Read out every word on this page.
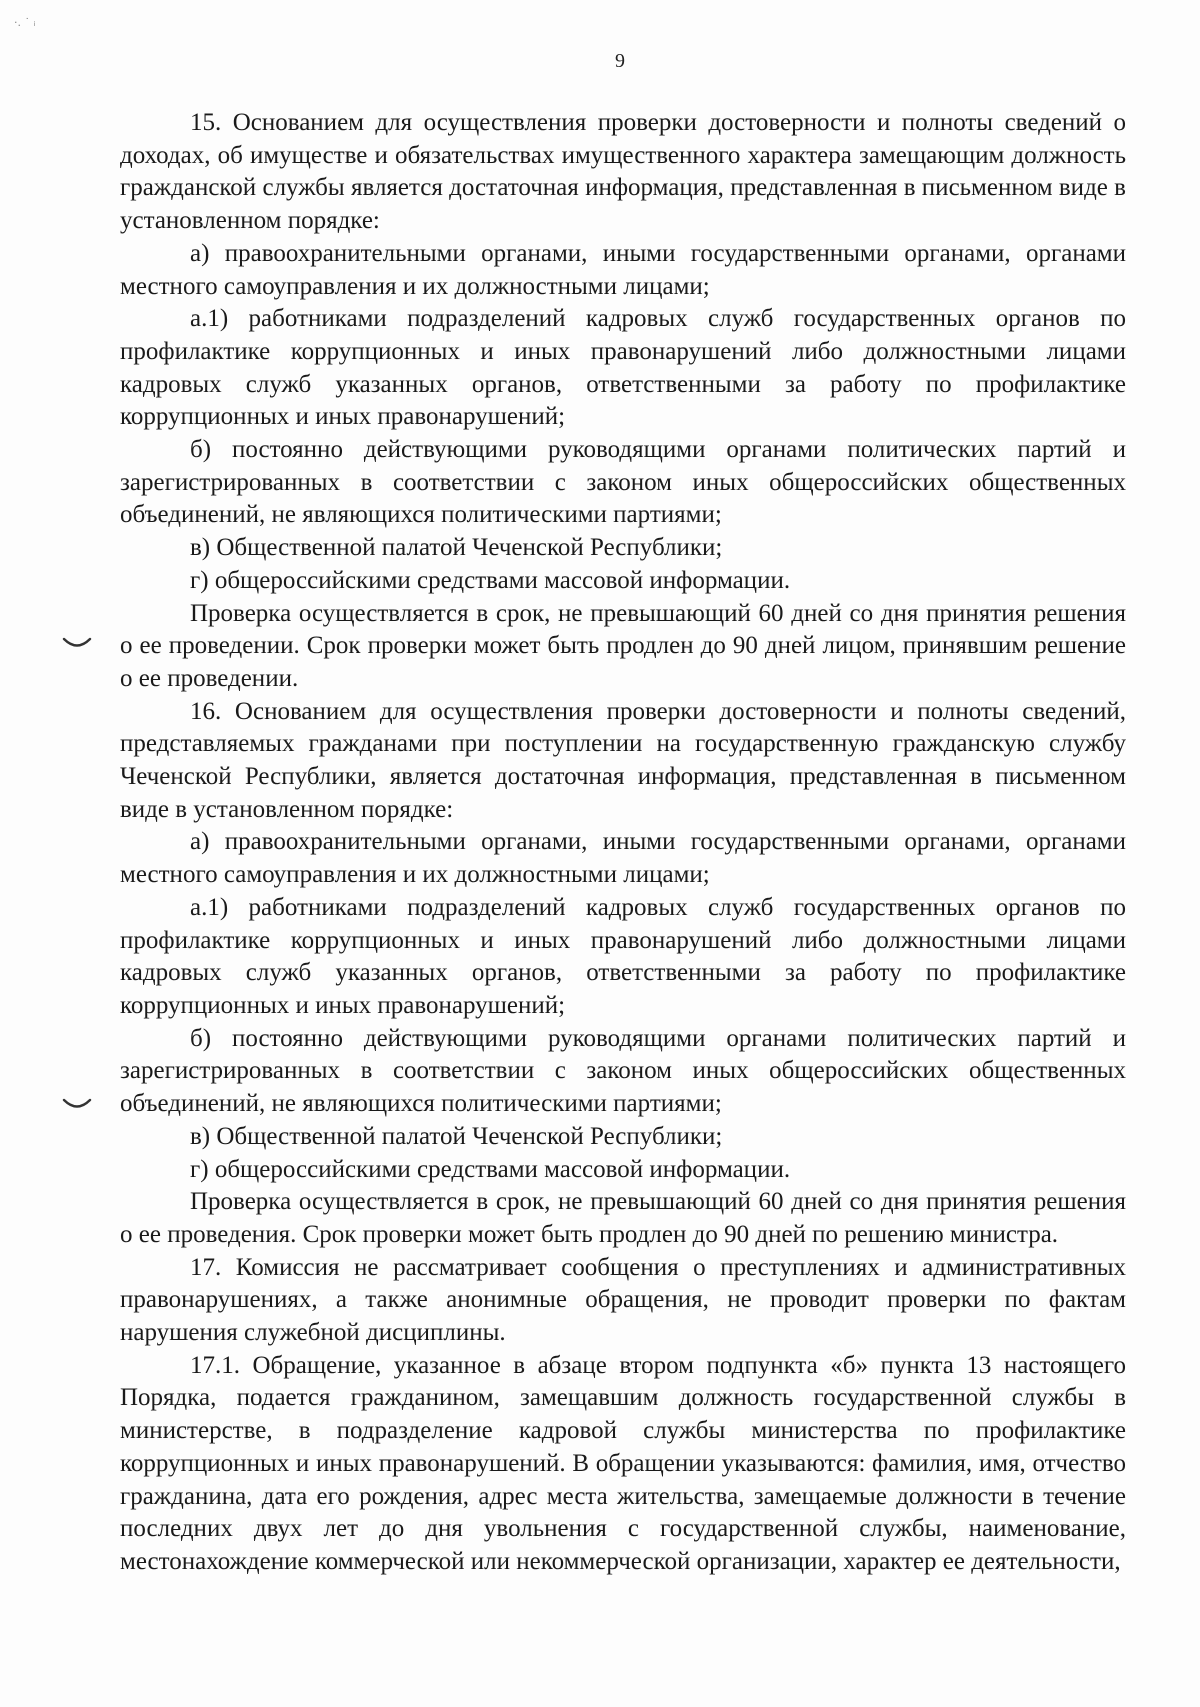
·. ˙ ᵢ
9

15. Основанием для осуществления проверки достоверности и полноты сведений о доходах, об имуществе и обязательствах имущественного характера замещающим должность гражданской службы является достаточная информация, представленная в письменном виде в установленном порядке:

а) правоохранительными органами, иными государственными органами, органами местного самоуправления и их должностными лицами;

а.1) работниками подразделений кадровых служб государственных органов по профилактике коррупционных и иных правонарушений либо должностными лицами кадровых служб указанных органов, ответственными за работу по профилактике коррупционных и иных правонарушений;

б) постоянно действующими руководящими органами политических партий и зарегистрированных в соответствии с законом иных общероссийских общественных объединений, не являющихся политическими партиями;

в) Общественной палатой Чеченской Республики;

г) общероссийскими средствами массовой информации.

Проверка осуществляется в срок, не превышающий 60 дней со дня принятия решения о ее проведении. Срок проверки может быть продлен до 90 дней лицом, принявшим решение о ее проведении.

16. Основанием для осуществления проверки достоверности и полноты сведений, представляемых гражданами при поступлении на государственную гражданскую службу Чеченской Республики, является достаточная информация, представленная в письменном виде в установленном порядке:

а) правоохранительными органами, иными государственными органами, органами местного самоуправления и их должностными лицами;

а.1) работниками подразделений кадровых служб государственных органов по профилактике коррупционных и иных правонарушений либо должностными лицами кадровых служб указанных органов, ответственными за работу по профилактике коррупционных и иных правонарушений;

б) постоянно действующими руководящими органами политических партий и зарегистрированных в соответствии с законом иных общероссийских общественных объединений, не являющихся политическими партиями;

в) Общественной палатой Чеченской Республики;

г) общероссийскими средствами массовой информации.

Проверка осуществляется в срок, не превышающий 60 дней со дня принятия решения о ее проведения. Срок проверки может быть продлен до 90 дней по решению министра.

17. Комиссия не рассматривает сообщения о преступлениях и административных правонарушениях, а также анонимные обращения, не проводит проверки по фактам нарушения служебной дисциплины.

17.1. Обращение, указанное в абзаце втором подпункта «б» пункта 13 настоящего Порядка, подается гражданином, замещавшим должность государственной службы в министерстве, в подразделение кадровой службы министерства по профилактике коррупционных и иных правонарушений. В обращении указываются: фамилия, имя, отчество гражданина, дата его рождения, адрес места жительства, замещаемые должности в течение последних двух лет до дня увольнения с государственной службы, наименование, местонахождение коммерческой или некоммерческой организации, характер ее деятельности,
